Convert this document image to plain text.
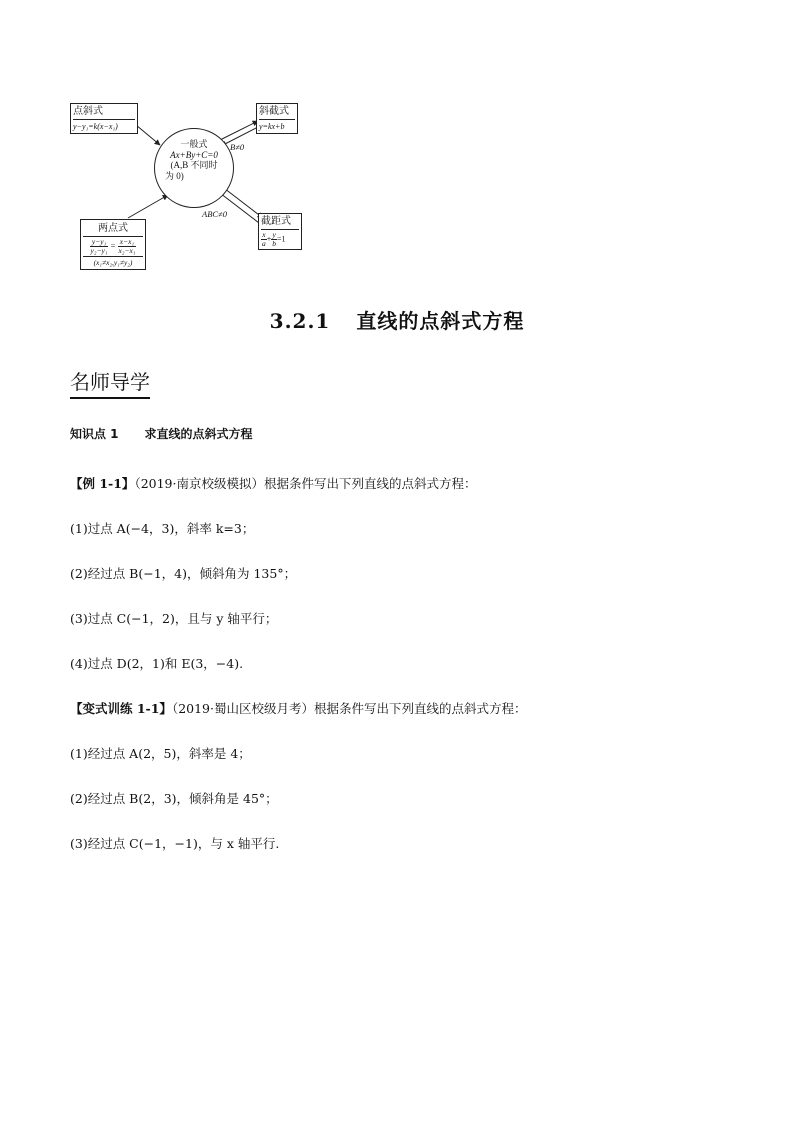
点斜式
y−y₁=k(x−x₁)
斜截式
y=kx+b
一般式
Ax+By+C=0
(A,B 不同时
为 0)
B≠0
ABC≠0
两点式
$\frac{\text{y−y₁}}{\text{y₂−y₁}} = \frac{\text{x−x₁}}{\text{x₂−x₁}}$
(x₁≠x₂,y₁≠y₂)
截距式
$\frac{x}{a} + \frac{y}{b} =1$
3.2.1 直线的点斜式方程
名师导学
知识点 1 求直线的点斜式方程
【例 1-1】（2019·南京校级模拟）根据条件写出下列直线的点斜式方程：
(1)过点 A(−4，3)，斜率 k=3；
(2)经过点 B(−1，4)，倾斜角为 135°；
(3)过点 C(−1，2)，且与 y 轴平行；
(4)过点 D(2，1)和 E(3，−4).
【变式训练 1-1】（2019·蜀山区校级月考）根据条件写出下列直线的点斜式方程：
(1)经过点 A(2，5)，斜率是 4；
(2)经过点 B(2，3)，倾斜角是 45°；
(3)经过点 C(−1，−1)，与 x 轴平行.
